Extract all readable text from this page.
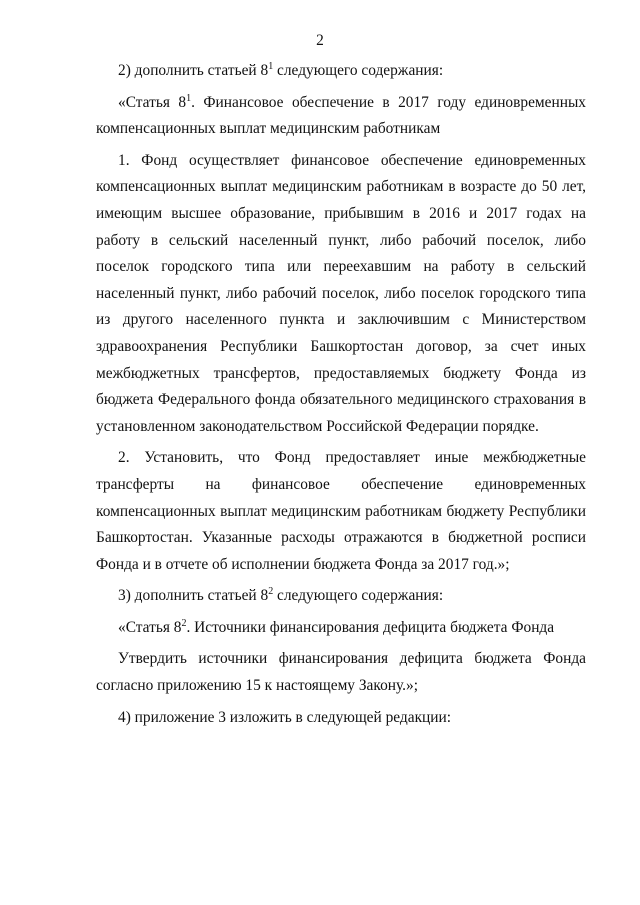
2

2) дополнить статьей $8^1$ следующего содержания:

«Статья $8^1$. Финансовое обеспечение в 2017 году единовременных компенсационных выплат медицинским работникам

1. Фонд осуществляет финансовое обеспечение единовременных компенсационных выплат медицинским работникам в возрасте до 50 лет, имеющим высшее образование, прибывшим в 2016 и 2017 годах на работу в сельский населенный пункт, либо рабочий поселок, либо поселок городского типа или переехавшим на работу в сельский населенный пункт, либо рабочий поселок, либо поселок городского типа из другого населенного пункта и заключившим с Министерством здравоохранения Республики Башкортостан договор, за счет иных межбюджетных трансфертов, предоставляемых бюджету Фонда из бюджета Федерального фонда обязательного медицинского страхования в установленном законодательством Российской Федерации порядке.

2. Установить, что Фонд предоставляет иные межбюджетные трансферты на финансовое обеспечение единовременных компенсационных выплат медицинским работникам бюджету Республики Башкортостан. Указанные расходы отражаются в бюджетной росписи Фонда и в отчете об исполнении бюджета Фонда за 2017 год.»;

3) дополнить статьей $8^2$ следующего содержания:

«Статья $8^2$. Источники финансирования дефицита бюджета Фонда

Утвердить источники финансирования дефицита бюджета Фонда согласно приложению 15 к настоящему Закону.»;

4) приложение 3 изложить в следующей редакции:
